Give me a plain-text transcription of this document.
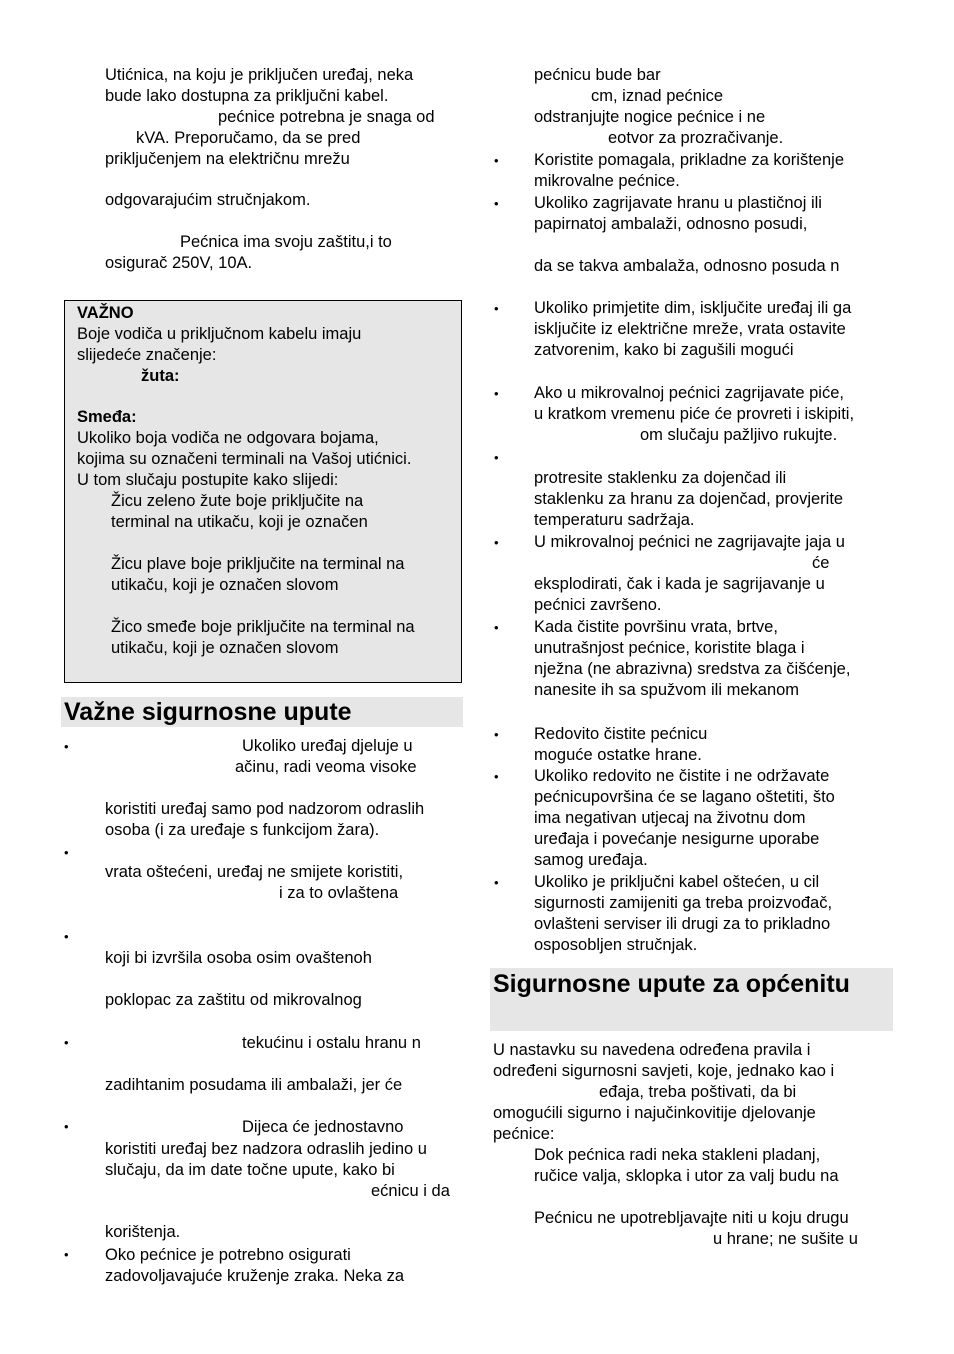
Utićnica, na koju je priključen uređaj, neka
bude lako dostupna za priključni kabel.
pećnice potrebna je snaga od
kVA. Preporučamo, da se pred
priključenjem na električnu mrežu
odgovarajućim stručnjakom.
Pećnica ima svoju zaštitu,i to
osigurač 250V, 10A.
VAŽNO
Boje vodiča u priključnom kabelu imaju
slijedeće značenje:
žuta:
Smeđa:
Ukoliko boja vodiča ne odgovara bojama,
kojima su označeni terminali na Vašoj utićnici.
U tom slučaju postupite kako slijedi:
Žicu zeleno žute boje priključite na
terminal na utikaču, koji je označen
Žicu plave boje priključite na terminal na
utikaču, koji je označen slovom
Žico smeđe boje priključite na terminal na
utikaču, koji je označen slovom
Važne sigurnosne upute
•	Ukoliko uređaj djeluje u
ačinu, radi veoma visoke
koristiti uređaj samo pod nadzorom odraslih
osoba (i za uređaje s funkcijom žara).
•
vrata oštećeni, uređaj ne smijete koristiti,
i za to ovlaštena
•
koji bi izvršila osoba osim ovaštenoh
poklopac za zaštitu od mikrovalnog
•	tekućinu i ostalu hranu n
zadihtanim posudama ili ambalaži, jer će
•	Dijeca će jednostavno
koristiti uređaj bez nadzora odraslih jedino u
slučaju, da im date točne upute, kako bi
ećnicu i da
korištenja.
• Oko pećnice je potrebno osigurati
zadovoljavajuće kruženje zraka. Neka za
pećnicu bude bar
cm, iznad pećnice
odstranjujte nogice pećnice i ne
eotvor za prozračivanje.
• Koristite pomagala, prikladne za korištenje
mikrovalne pećnice.
• Ukoliko zagrijavate hranu u plastičnoj ili
papirnatoj ambalaži, odnosno posudi,
da se takva ambalaža, odnosno posuda n
• Ukoliko primjetite dim, isključite uređaj ili ga
isključite iz električne mreže, vrata ostavite
zatvorenim, kako bi zagušili mogući
• Ako u mikrovalnoj pećnici zagrijavate piće,
u kratkom vremenu piće će provreti i iskipiti,
om slučaju pažljivo rukujte.
•
protresite staklenku za dojenčad ili
staklenku za hranu za dojenčad, provjerite
temperaturu sadržaja.
• U mikrovalnoj pećnici ne zagrijavajte jaja u
će
eksplodirati, čak i kada je sagrijavanje u
pećnici završeno.
• Kada čistite površinu vrata, brtve,
unutrašnjost pećnice, koristite blaga i
nježna (ne abrazivna) sredstva za čišćenje,
nanesite ih sa spužvom ili mekanom
• Redovito čistite pećnicu
moguće ostatke hrane.
• Ukoliko redovito ne čistite i ne održavate
pećnicupovršina će se lagano oštetiti, što
ima negativan utjecaj na životnu dom
uređaja i povećanje nesigurne uporabe
samog uređaja.
• Ukoliko je priključni kabel oštećen, u cil
sigurnosti zamijeniti ga treba proizvođač,
ovlašteni serviser ili drugi za to prikladno
osposobljen stručnjak.
Sigurnosne upute za općenitu
U nastavku su navedena određena pravila i
određeni sigurnosni savjeti, koje, jednako kao i
eđaja, treba poštivati, da bi
omogućili sigurno i najučinkovitije djelovanje
pećnice:
Dok pećnica radi neka stakleni pladanj,
ručice valja, sklopka i utor za valj budu na
Pećnicu ne upotrebljavajte niti u koju drugu
u hrane; ne sušite u
